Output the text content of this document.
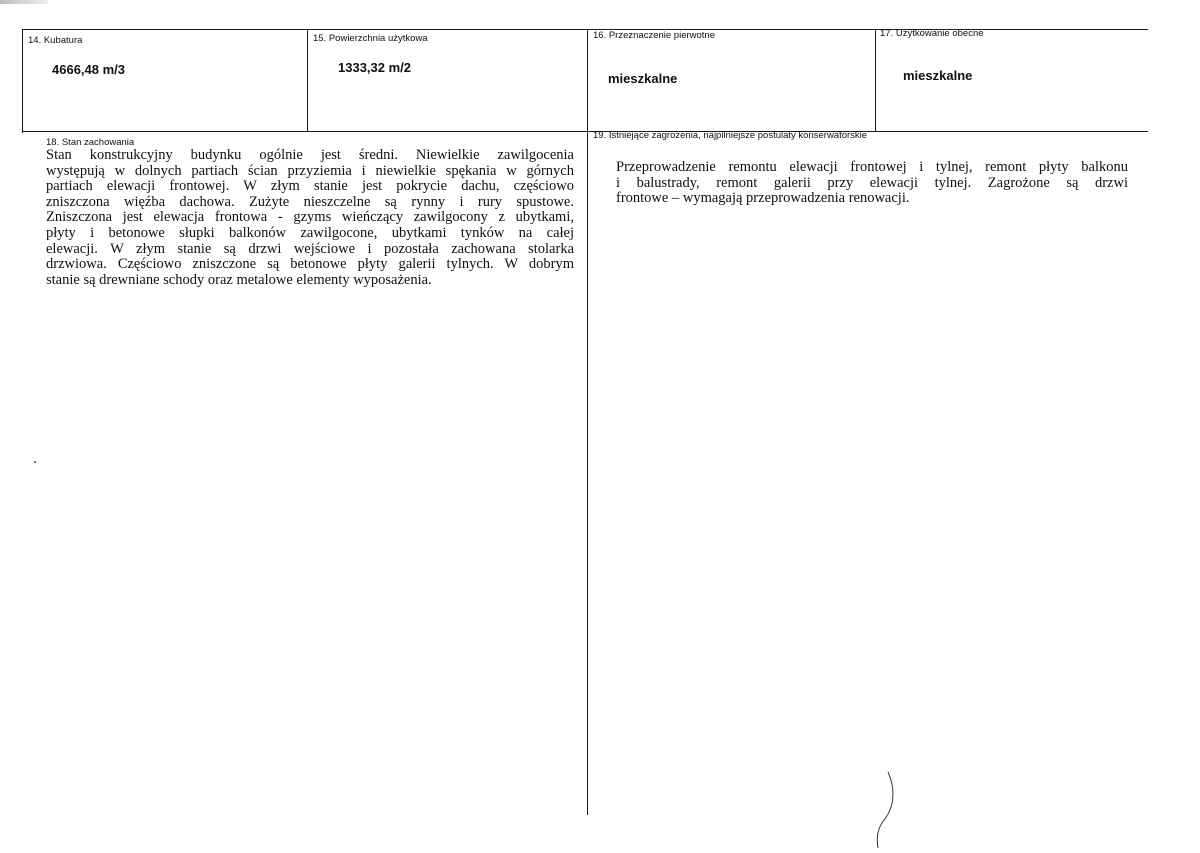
14. Kubatura
4666,48 m/3
15. Powierzchnia użytkowa
1333,32 m/2
16. Przeznaczenie pierwotne
mieszkalne
17. Użytkowanie obecne
mieszkalne
18. Stan zachowania
Stan konstrukcyjny budynku ogólnie jest średni. Niewielkie zawilgocenia
występują w dolnych partiach ścian przyziemia i niewielkie spękania w górnych
partiach elewacji frontowej. W złym stanie jest pokrycie dachu, częściowo
zniszczona więźba dachowa. Zużyte nieszczelne są rynny i rury spustowe.
Zniszczona jest elewacja frontowa - gzyms wieńczący zawilgocony z ubytkami,
płyty i betonowe słupki balkonów zawilgocone, ubytkami tynków na całej
elewacji. W złym stanie są drzwi wejściowe i pozostała zachowana stolarka
drzwiowa. Częściowo zniszczone są betonowe płyty galerii tylnych. W dobrym
stanie są drewniane schody oraz metalowe elementy wyposażenia.
19. Istniejące zagrożenia, najpilniejsze postulaty konserwatorskie
Przeprowadzenie remontu elewacji frontowej i tylnej, remont płyty balkonu
i balustrady, remont galerii przy elewacji tylnej. Zagrożone są drzwi
frontowe – wymagają przeprowadzenia renowacji.
